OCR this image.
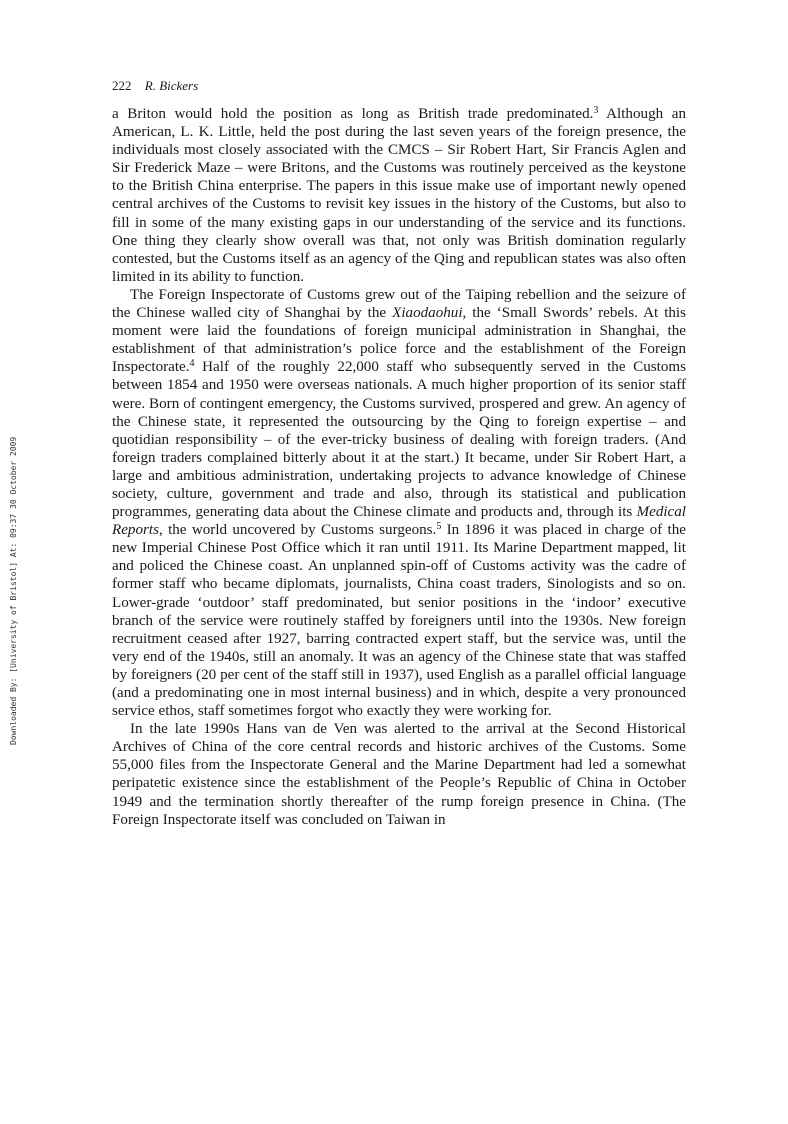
222 R. Bickers

a Briton would hold the position as long as British trade predominated.$^3$ Although an American, L. K. Little, held the post during the last seven years of the foreign presence, the individuals most closely associated with the CMCS – Sir Robert Hart, Sir Francis Aglen and Sir Frederick Maze – were Britons, and the Customs was routinely perceived as the keystone to the British China enterprise. The papers in this issue make use of important newly opened central archives of the Customs to revisit key issues in the history of the Customs, but also to fill in some of the many existing gaps in our understanding of the service and its functions. One thing they clearly show overall was that, not only was British domination regularly contested, but the Customs itself as an agency of the Qing and republican states was also often limited in its ability to function.

The Foreign Inspectorate of Customs grew out of the Taiping rebellion and the seizure of the Chinese walled city of Shanghai by the Xiaodaohui, the ‘Small Swords’ rebels. At this moment were laid the foundations of foreign municipal administration in Shanghai, the establishment of that administration’s police force and the establishment of the Foreign Inspectorate.$^4$ Half of the roughly 22,000 staff who subsequently served in the Customs between 1854 and 1950 were overseas nationals. A much higher proportion of its senior staff were. Born of contingent emergency, the Customs survived, prospered and grew. An agency of the Chinese state, it represented the outsourcing by the Qing to foreign expertise – and quotidian responsibility – of the ever-tricky business of dealing with foreign traders. (And foreign traders complained bitterly about it at the start.) It became, under Sir Robert Hart, a large and ambitious administration, undertaking projects to advance knowledge of Chinese society, culture, government and trade and also, through its statistical and publication programmes, generating data about the Chinese climate and products and, through its Medical Reports, the world uncovered by Customs surgeons.$^5$ In 1896 it was placed in charge of the new Imperial Chinese Post Office which it ran until 1911. Its Marine Department mapped, lit and policed the Chinese coast. An unplanned spin-off of Customs activity was the cadre of former staff who became diplomats, journalists, China coast traders, Sinologists and so on. Lower-grade ‘outdoor’ staff predominated, but senior positions in the ‘indoor’ executive branch of the service were routinely staffed by foreigners until into the 1930s. New foreign recruitment ceased after 1927, barring contracted expert staff, but the service was, until the very end of the 1940s, still an anomaly. It was an agency of the Chinese state that was staffed by foreigners (20 per cent of the staff still in 1937), used English as a parallel official language (and a predominating one in most internal business) and in which, despite a very pronounced service ethos, staff sometimes forgot who exactly they were working for.

In the late 1990s Hans van de Ven was alerted to the arrival at the Second Historical Archives of China of the core central records and historic archives of the Customs. Some 55,000 files from the Inspectorate General and the Marine Department had led a somewhat peripatetic existence since the establishment of the People’s Republic of China in October 1949 and the termination shortly thereafter of the rump foreign presence in China. (The Foreign Inspectorate itself was concluded on Taiwan in

Downloaded By: [University of Bristol] At: 09:37 30 October 2009
